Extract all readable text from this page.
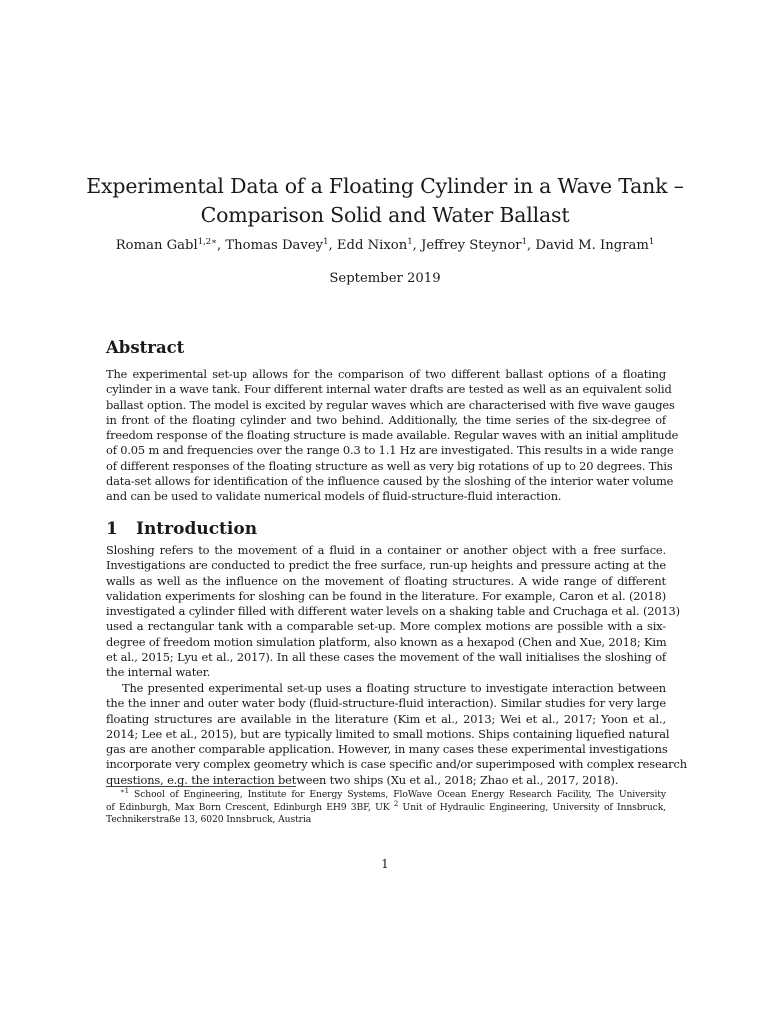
Experimental Data of a Floating Cylinder in a Wave Tank –
Comparison Solid and Water Ballast
Roman Gabl$^{1,2∗}$, Thomas Davey$^1$, Edd Nixon$^1$, Jeffrey Steynor$^1$, David M. Ingram$^1$
September 2019
Abstract
The experimental set-up allows for the comparison of two different ballast options of a floating
cylinder in a wave tank. Four different internal water drafts are tested as well as an equivalent solid
ballast option. The model is excited by regular waves which are characterised with five wave gauges
in front of the floating cylinder and two behind. Additionally, the time series of the six-degree of
freedom response of the floating structure is made available. Regular waves with an initial amplitude
of 0.05 m and frequencies over the range 0.3 to 1.1 Hz are investigated. This results in a wide range
of different responses of the floating structure as well as very big rotations of up to 20 degrees. This
data-set allows for identification of the influence caused by the sloshing of the interior water volume
and can be used to validate numerical models of fluid-structure-fluid interaction.
1 Introduction
Sloshing refers to the movement of a fluid in a container or another object with a free surface.
Investigations are conducted to predict the free surface, run-up heights and pressure acting at the
walls as well as the influence on the movement of floating structures. A wide range of different
validation experiments for sloshing can be found in the literature. For example, Caron et al. (2018)
investigated a cylinder filled with different water levels on a shaking table and Cruchaga et al. (2013)
used a rectangular tank with a comparable set-up. More complex motions are possible with a six-
degree of freedom motion simulation platform, also known as a hexapod (Chen and Xue, 2018; Kim
et al., 2015; Lyu et al., 2017). In all these cases the movement of the wall initialises the sloshing of
the internal water.
The presented experimental set-up uses a floating structure to investigate interaction between
the the inner and outer water body (fluid-structure-fluid interaction). Similar studies for very large
floating structures are available in the literature (Kim et al., 2013; Wei et al., 2017; Yoon et al.,
2014; Lee et al., 2015), but are typically limited to small motions. Ships containing liquefied natural
gas are another comparable application. However, in many cases these experimental investigations
incorporate very complex geometry which is case specific and/or superimposed with complex research
questions, e.g. the interaction between two ships (Xu et al., 2018; Zhao et al., 2017, 2018).
$^{∗1}$ School of Engineering, Institute for Energy Systems, FloWave Ocean Energy Research Facility, The University
of Edinburgh, Max Born Crescent, Edinburgh EH9 3BF, UK $^2$ Unit of Hydraulic Engineering, University of Innsbruck,
Technikerstraße 13, 6020 Innsbruck, Austria
1
